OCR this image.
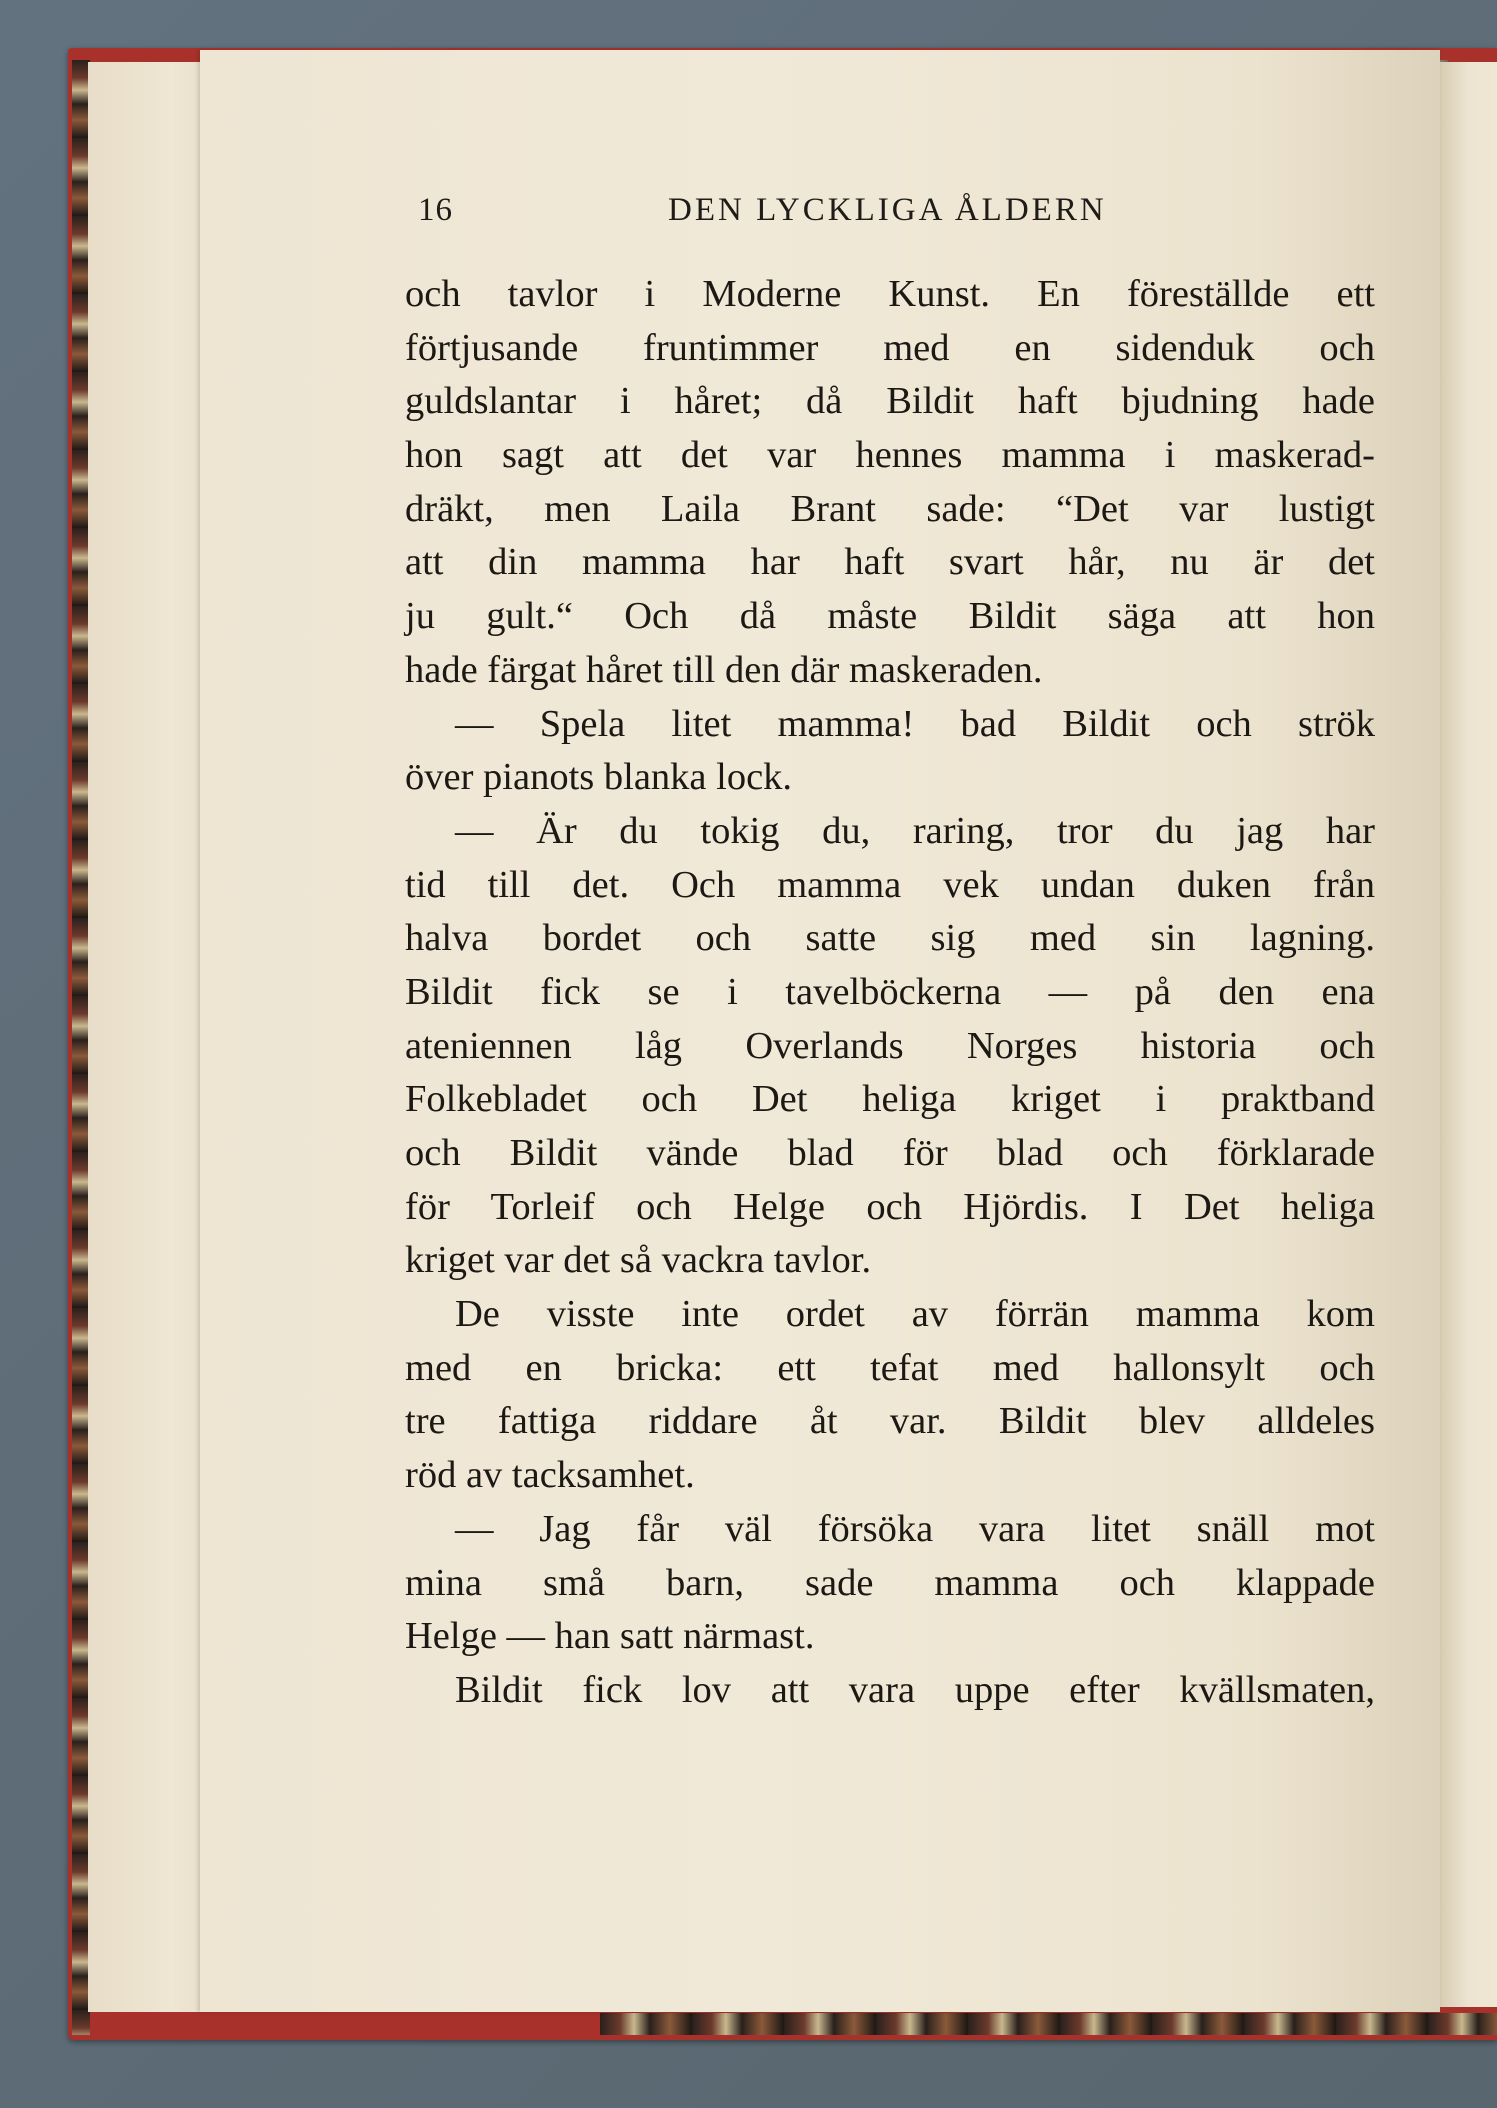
16	DEN LYCKLIGA ÅLDERN
och tavlor i Moderne Kunst. En föreställde ett
förtjusande fruntimmer med en sidenduk och
guldslantar i håret; då Bildit haft bjudning hade
hon sagt att det var hennes mamma i maskerad-
dräkt, men Laila Brant sade: “Det var lustigt
att din mamma har haft svart hår, nu är det
ju gult.“ Och då måste Bildit säga att hon
hade färgat håret till den där maskeraden.
— Spela litet mamma! bad Bildit och strök
över pianots blanka lock.
— Är du tokig du, raring, tror du jag har
tid till det. Och mamma vek undan duken från
halva bordet och satte sig med sin lagning.
Bildit fick se i tavelböckerna — på den ena
ateniennen låg Overlands Norges historia och
Folkebladet och Det heliga kriget i praktband
och Bildit vände blad för blad och förklarade
för Torleif och Helge och Hjördis. I Det heliga
kriget var det så vackra tavlor.
De visste inte ordet av förrän mamma kom
med en bricka: ett tefat med hallonsylt och
tre fattiga riddare åt var. Bildit blev alldeles
röd av tacksamhet.
— Jag får väl försöka vara litet snäll mot
mina små barn, sade mamma och klappade
Helge — han satt närmast.
Bildit fick lov att vara uppe efter kvällsmaten,
